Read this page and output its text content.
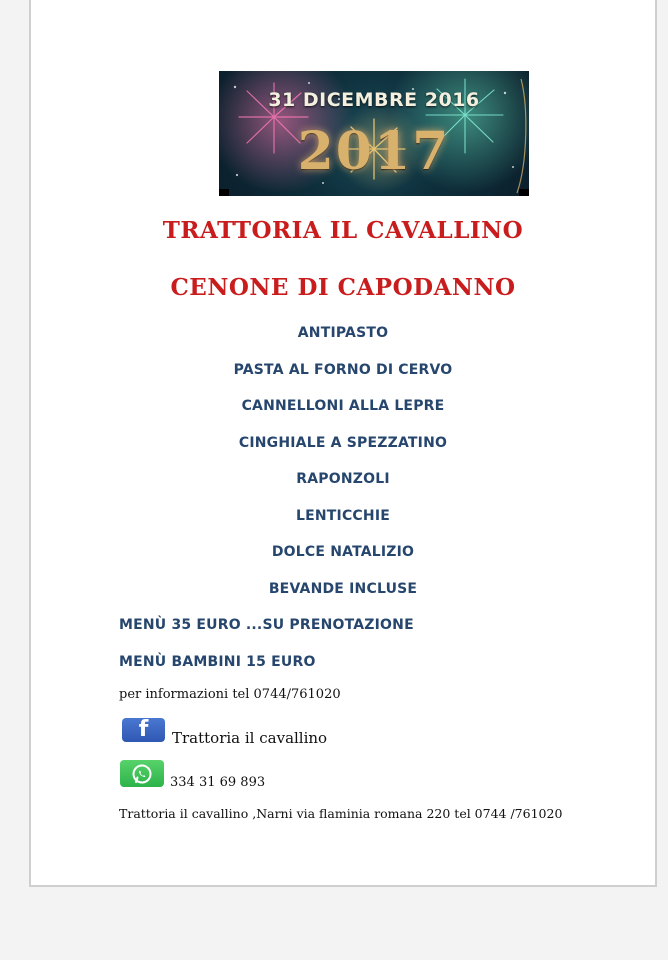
31 DICEMBRE 2016
2017
TRATTORIA IL CAVALLINO
CENONE DI CAPODANNO
ANTIPASTO
PASTA AL FORNO DI CERVO
CANNELLONI ALLA LEPRE
CINGHIALE A SPEZZATINO
RAPONZOLI
LENTICCHIE
DOLCE NATALIZIO
BEVANDE INCLUSE
MENÙ 35 EURO ...SU PRENOTAZIONE
MENÙ BAMBINI 15 EURO
per informazioni tel 0744/761020
f	Trattoria il cavallino
334 31 69 893
Trattoria il cavallino ,Narni via flaminia romana 220 tel 0744 /761020
